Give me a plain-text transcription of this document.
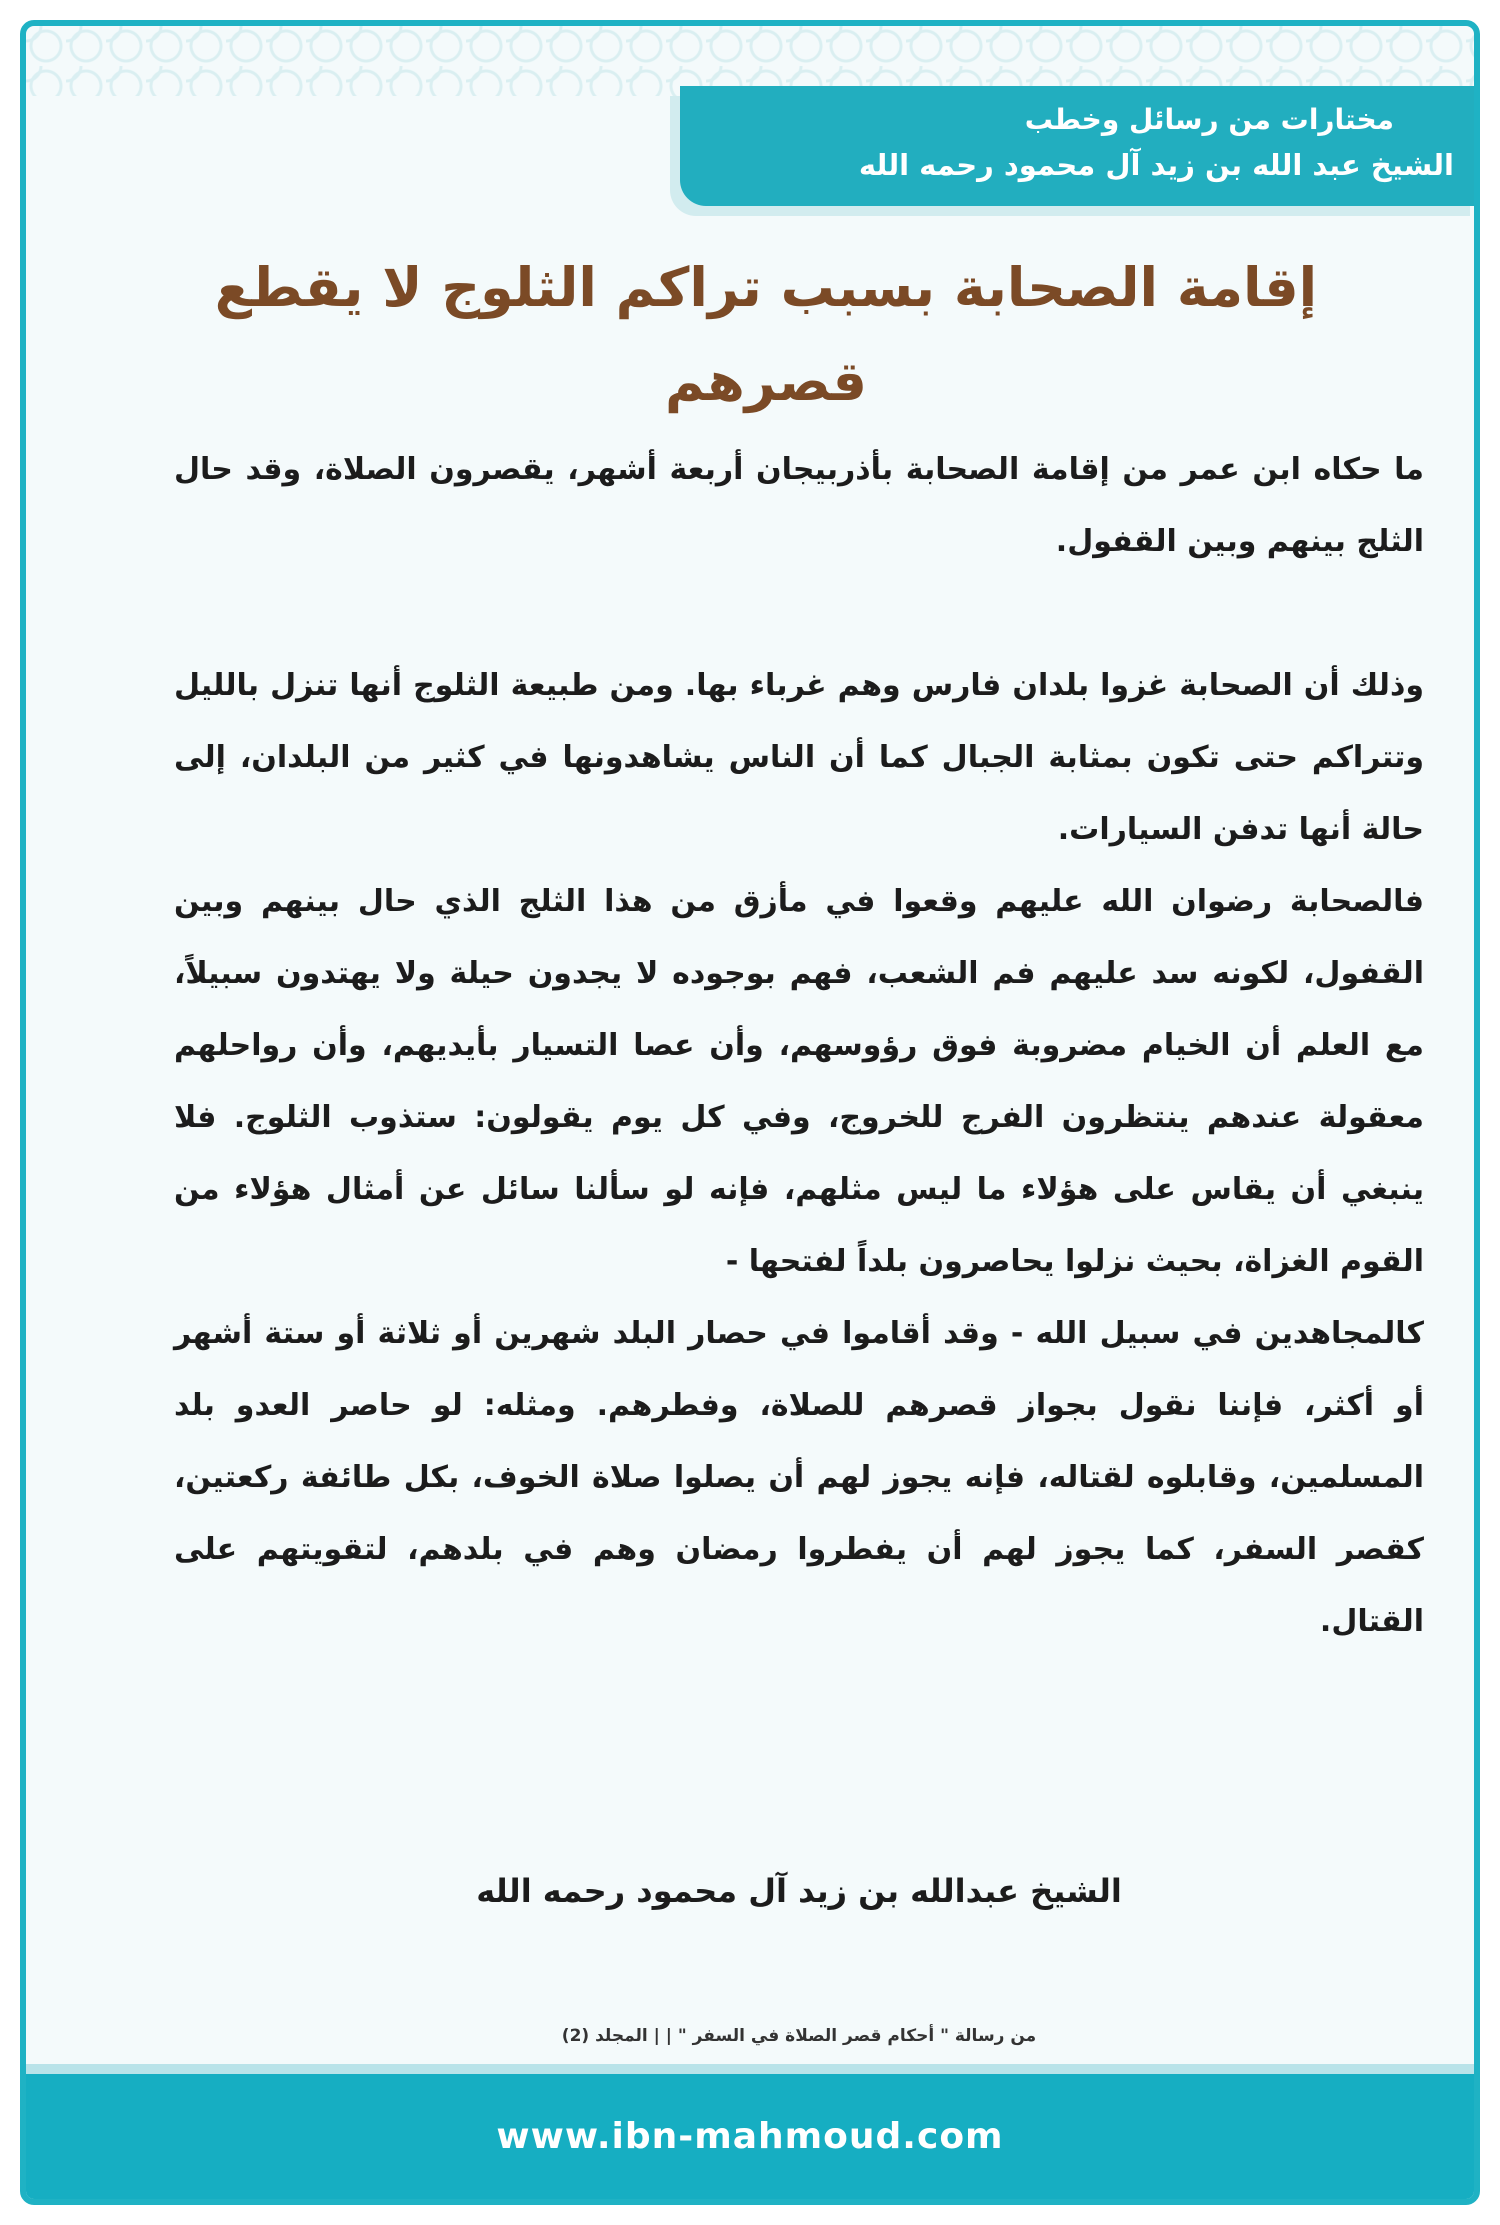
مختارات من رسائل وخطب
الشيخ عبد الله بن زيد آل محمود رحمه الله
إقامة الصحابة بسبب تراكم الثلوج لا يقطع قصرهم

ما حكاه ابن عمر من إقامة الصحابة بأذربيجان أربعة أشهر، يقصرون الصلاة، وقد حال الثلج بينهم وبين القفول.

وذلك أن الصحابة غزوا بلدان فارس وهم غرباء بها. ومن طبيعة الثلوج أنها تنزل بالليل وتتراكم حتى تكون بمثابة الجبال كما أن الناس يشاهدونها في كثير من البلدان، إلى حالة أنها تدفن السيارات.

فالصحابة رضوان الله عليهم وقعوا في مأزق من هذا الثلج الذي حال بينهم وبين القفول، لكونه سد عليهم فم الشعب، فهم بوجوده لا يجدون حيلة ولا يهتدون سبيلاً، مع العلم أن الخيام مضروبة فوق رؤوسهم، وأن عصا التسيار بأيديهم، وأن رواحلهم معقولة عندهم ينتظرون الفرج للخروج، وفي كل يوم يقولون: ستذوب الثلوج. فلا ينبغي أن يقاس على هؤلاء ما ليس مثلهم، فإنه لو سألنا سائل عن أمثال هؤلاء من القوم الغزاة، بحيث نزلوا يحاصرون بلداً لفتحها -

كالمجاهدين في سبيل الله - وقد أقاموا في حصار البلد شهرين أو ثلاثة أو ستة أشهر أو أكثر، فإننا نقول بجواز قصرهم للصلاة، وفطرهم. ومثله: لو حاصر العدو بلد المسلمين، وقابلوه لقتاله، فإنه يجوز لهم أن يصلوا صلاة الخوف، بكل طائفة ركعتين، كقصر السفر، كما يجوز لهم أن يفطروا رمضان وهم في بلدهم، لتقويتهم على القتال.

الشيخ عبدالله بن زيد آل محمود رحمه الله
من رسالة " أحكام قصر الصلاة في السفر " | | المجلد (2)
www.ibn-mahmoud.com
